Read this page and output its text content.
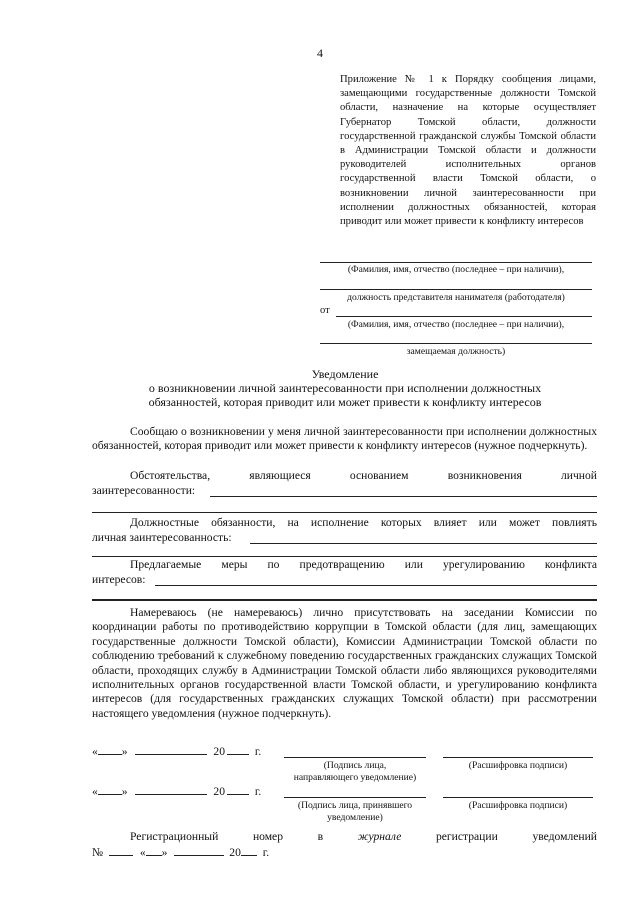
4
Приложение № 1 к Порядку сообщения лицами, замещающими государственные должности Томской области, назначение на которые осуществляет Губернатор Томской области, должности государственной гражданской службы Томской области в Администрации Томской области и должности руководителей исполнительных органов государственной власти Томской области, о возникновении личной заинтересованности при исполнении должностных обязанностей, которая приводит или может привести к конфликту интересов
(Фамилия, имя, отчество (последнее – при наличии),
должность представителя нанимателя (работодателя)
от
(Фамилия, имя, отчество (последнее – при наличии),
замещаемая должность)
Уведомление
о возникновении личной заинтересованности при исполнении должностных
обязанностей, которая приводит или может привести к конфликту интересов
Сообщаю о возникновении у меня личной заинтересованности при исполнении должностных обязанностей, которая приводит или может привести к конфликту интересов (нужное подчеркнуть).
Обстоятельства, являющиеся основанием возникновения личной
заинтересованности:
Должностные обязанности, на исполнение которых влияет или может повлиять
личная заинтересованность:
Предлагаемые меры по предотвращению или урегулированию конфликта
интересов:
Намереваюсь (не намереваюсь) лично присутствовать на заседании Комиссии по координации работы по противодействию коррупции в Томской области (для лиц, замещающих государственные должности Томской области), Комиссии Администрации Томской области по соблюдению требований к служебному поведению государственных гражданских служащих Томской области, проходящих службу в Администрации Томской области либо являющихся руководителями исполнительных органов государственной власти Томской области, и урегулированию конфликта интересов (для государственных гражданских служащих Томской области) при рассмотрении настоящего уведомления (нужное подчеркнуть).
« »	20	г.
(Подпись лица,
направляющего уведомление)
(Расшифровка подписи)
« »	20	г.
(Подпись лица, принявшего
уведомление)
(Расшифровка подписи)
Регистрационный	номер	в	журнале	регистрации	уведомлений
№	« »	20 г.
